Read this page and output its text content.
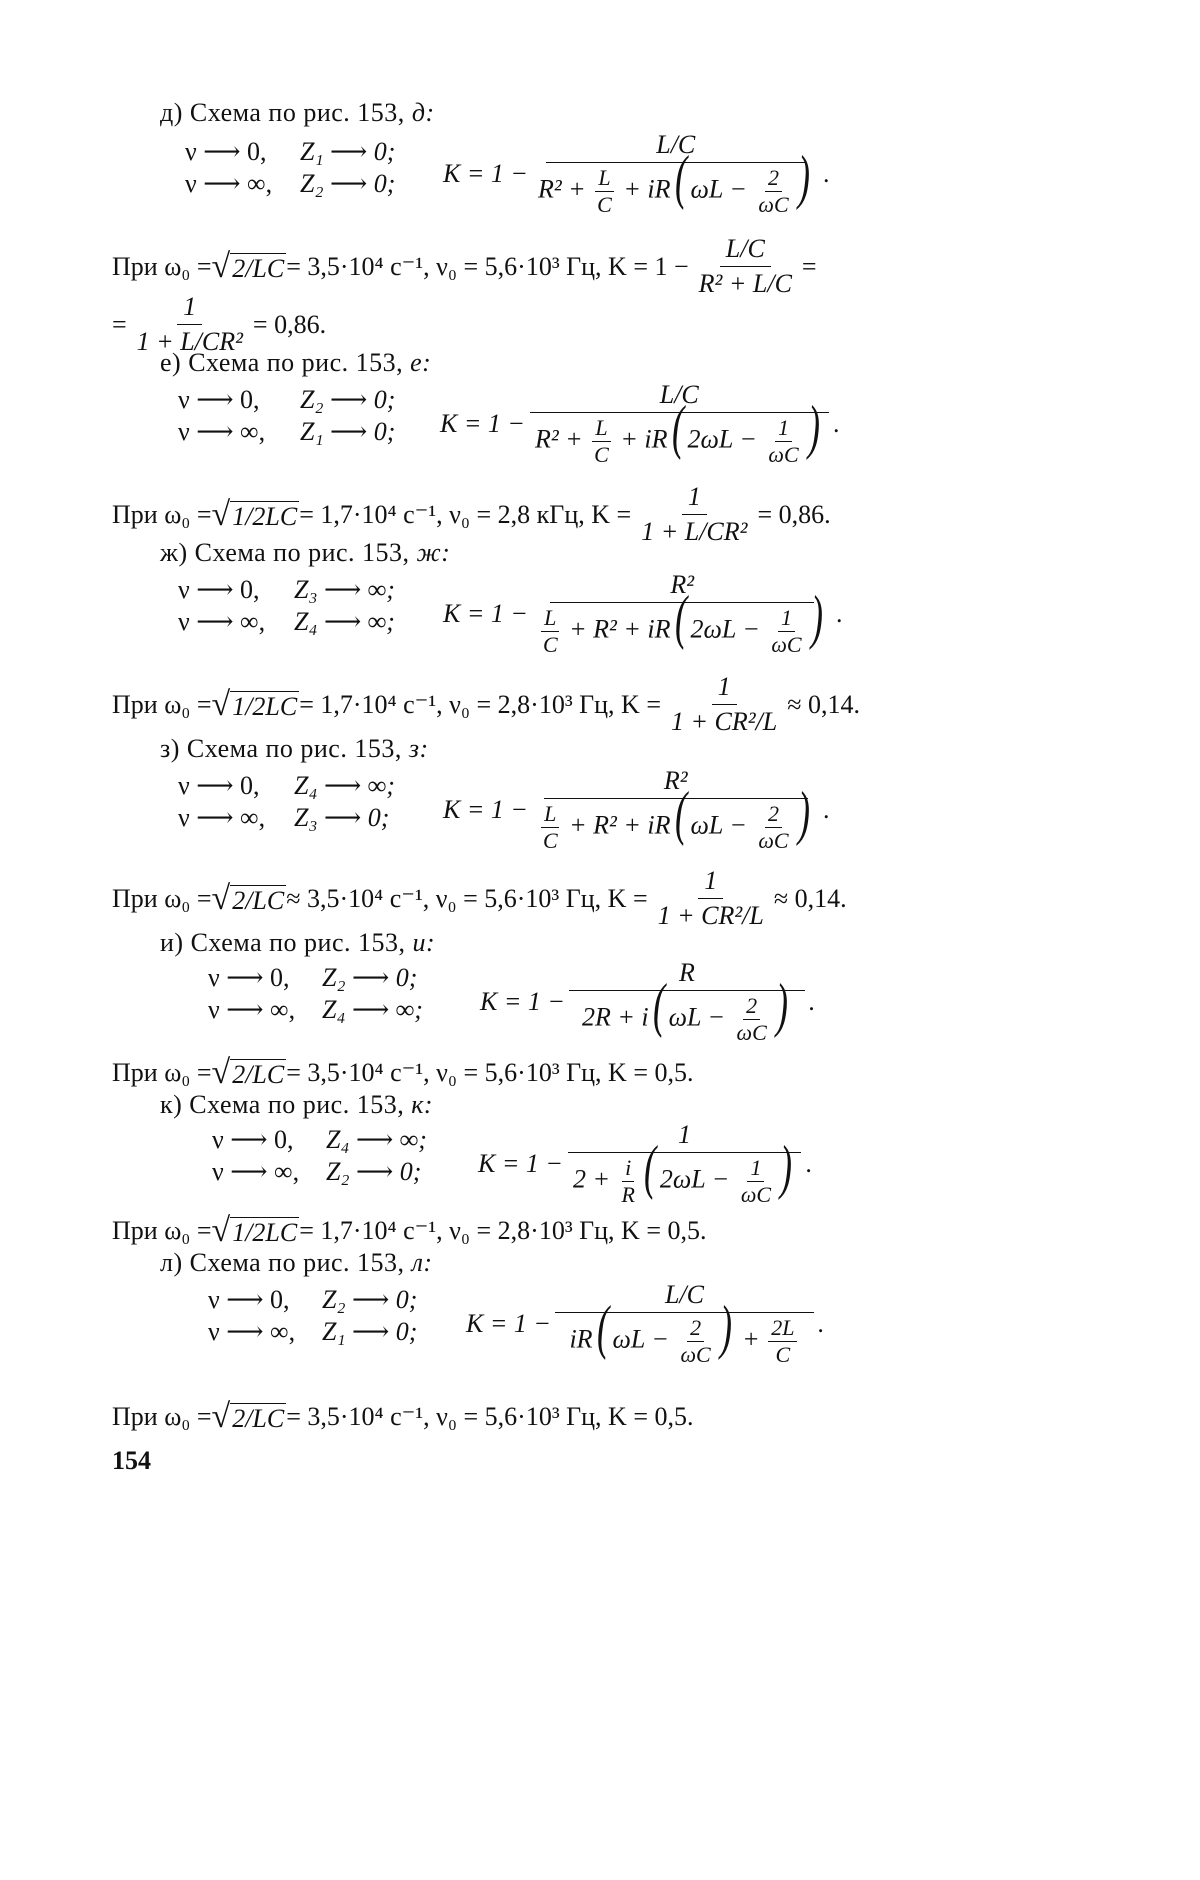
д) Схема по рис. 153, д:
ν ⟶ 0, Z₁ ⟶ 0;
ν ⟶ ∞, Z₂ ⟶ 0; $K = 1 - \frac{L/C}{R^2 + \frac{L}{C} + iR( \omega L - \frac{2}{\omega C} )}$ .
При ω₀ = √ 2/LC = 3,5·10⁴ с⁻¹, ν₀ = 5,6·10³ Гц, $K = 1 - \frac{L/C}{\text{R² + L/C}}$ =
= $\frac{1}{\text{1 + L/CR²}} = 0,86$.
е) Схема по рис. 153, е:
ν ⟶ 0, Z₂ ⟶ 0;
ν ⟶ ∞, Z₁ ⟶ 0; $K = 1 - \frac{L/C}{R^2 + \frac{L}{C} + iR( 2\omega L - \frac{1}{\omega C} )}$ .
При ω₀ = √ 1/2LC = 1,7·10⁴ с⁻¹, ν₀ = 2,8 кГц, $K = \frac{1}{\text{1 + L/CR²}} = 0,86$.
ж) Схема по рис. 153, ж:
ν ⟶ 0, Z₃ ⟶ ∞;
ν ⟶ ∞, Z₄ ⟶ ∞; $K = 1 - \frac{\text{R²}}{\frac{L}{C} + R^2 + iR( 2\omega L - \frac{1}{\omega C} )}$ .
При ω₀ = √ 1/2LC = 1,7·10⁴ с⁻¹, ν₀ = 2,8·10³ Гц, $K = \frac{1}{\text{1 + CR²/L}} \approx 0,14$.
з) Схема по рис. 153, з:
ν ⟶ 0, Z₄ ⟶ ∞;
ν ⟶ ∞, Z₃ ⟶ 0; $K = 1 - \frac{\text{R²}}{\frac{L}{C} + R^2 + iR( \omega L - \frac{2}{\omega C} )}$ .
При ω₀ = √ 2/LC ≈ 3,5·10⁴ с⁻¹, ν₀ = 5,6·10³ Гц, $K = \frac{1}{\text{1 + CR²/L}} \approx 0,14$.
и) Схема по рис. 153, и:
ν ⟶ 0, Z₂ ⟶ 0;
ν ⟶ ∞, Z₄ ⟶ ∞; $K = 1 - \frac{R}{2R + i( \omega L - \frac{2}{\omega C} )}$ .
При ω₀ = √ 2/LC = 3,5·10⁴ с⁻¹, ν₀ = 5,6·10³ Гц, K = 0,5.
к) Схема по рис. 153, к:
ν ⟶ 0, Z₄ ⟶ ∞;
ν ⟶ ∞, Z₂ ⟶ 0; $K = 1 - \frac{1}{2 + \frac{i}{R} ( 2\omega L - \frac{1}{\omega C} )}$ .
При ω₀ = √ 1/2LC = 1,7·10⁴ с⁻¹, ν₀ = 2,8·10³ Гц, K = 0,5.
л) Схема по рис. 153, л:
ν ⟶ 0, Z₂ ⟶ 0;
ν ⟶ ∞, Z₁ ⟶ 0; $K = 1 - \frac{L/C}{iR( \omega L - \frac{2}{\omega C} ) + \frac{2L}{C}}$ .
При ω₀ = √ 2/LC = 3,5·10⁴ с⁻¹, ν₀ = 5,6·10³ Гц, K = 0,5.
154
